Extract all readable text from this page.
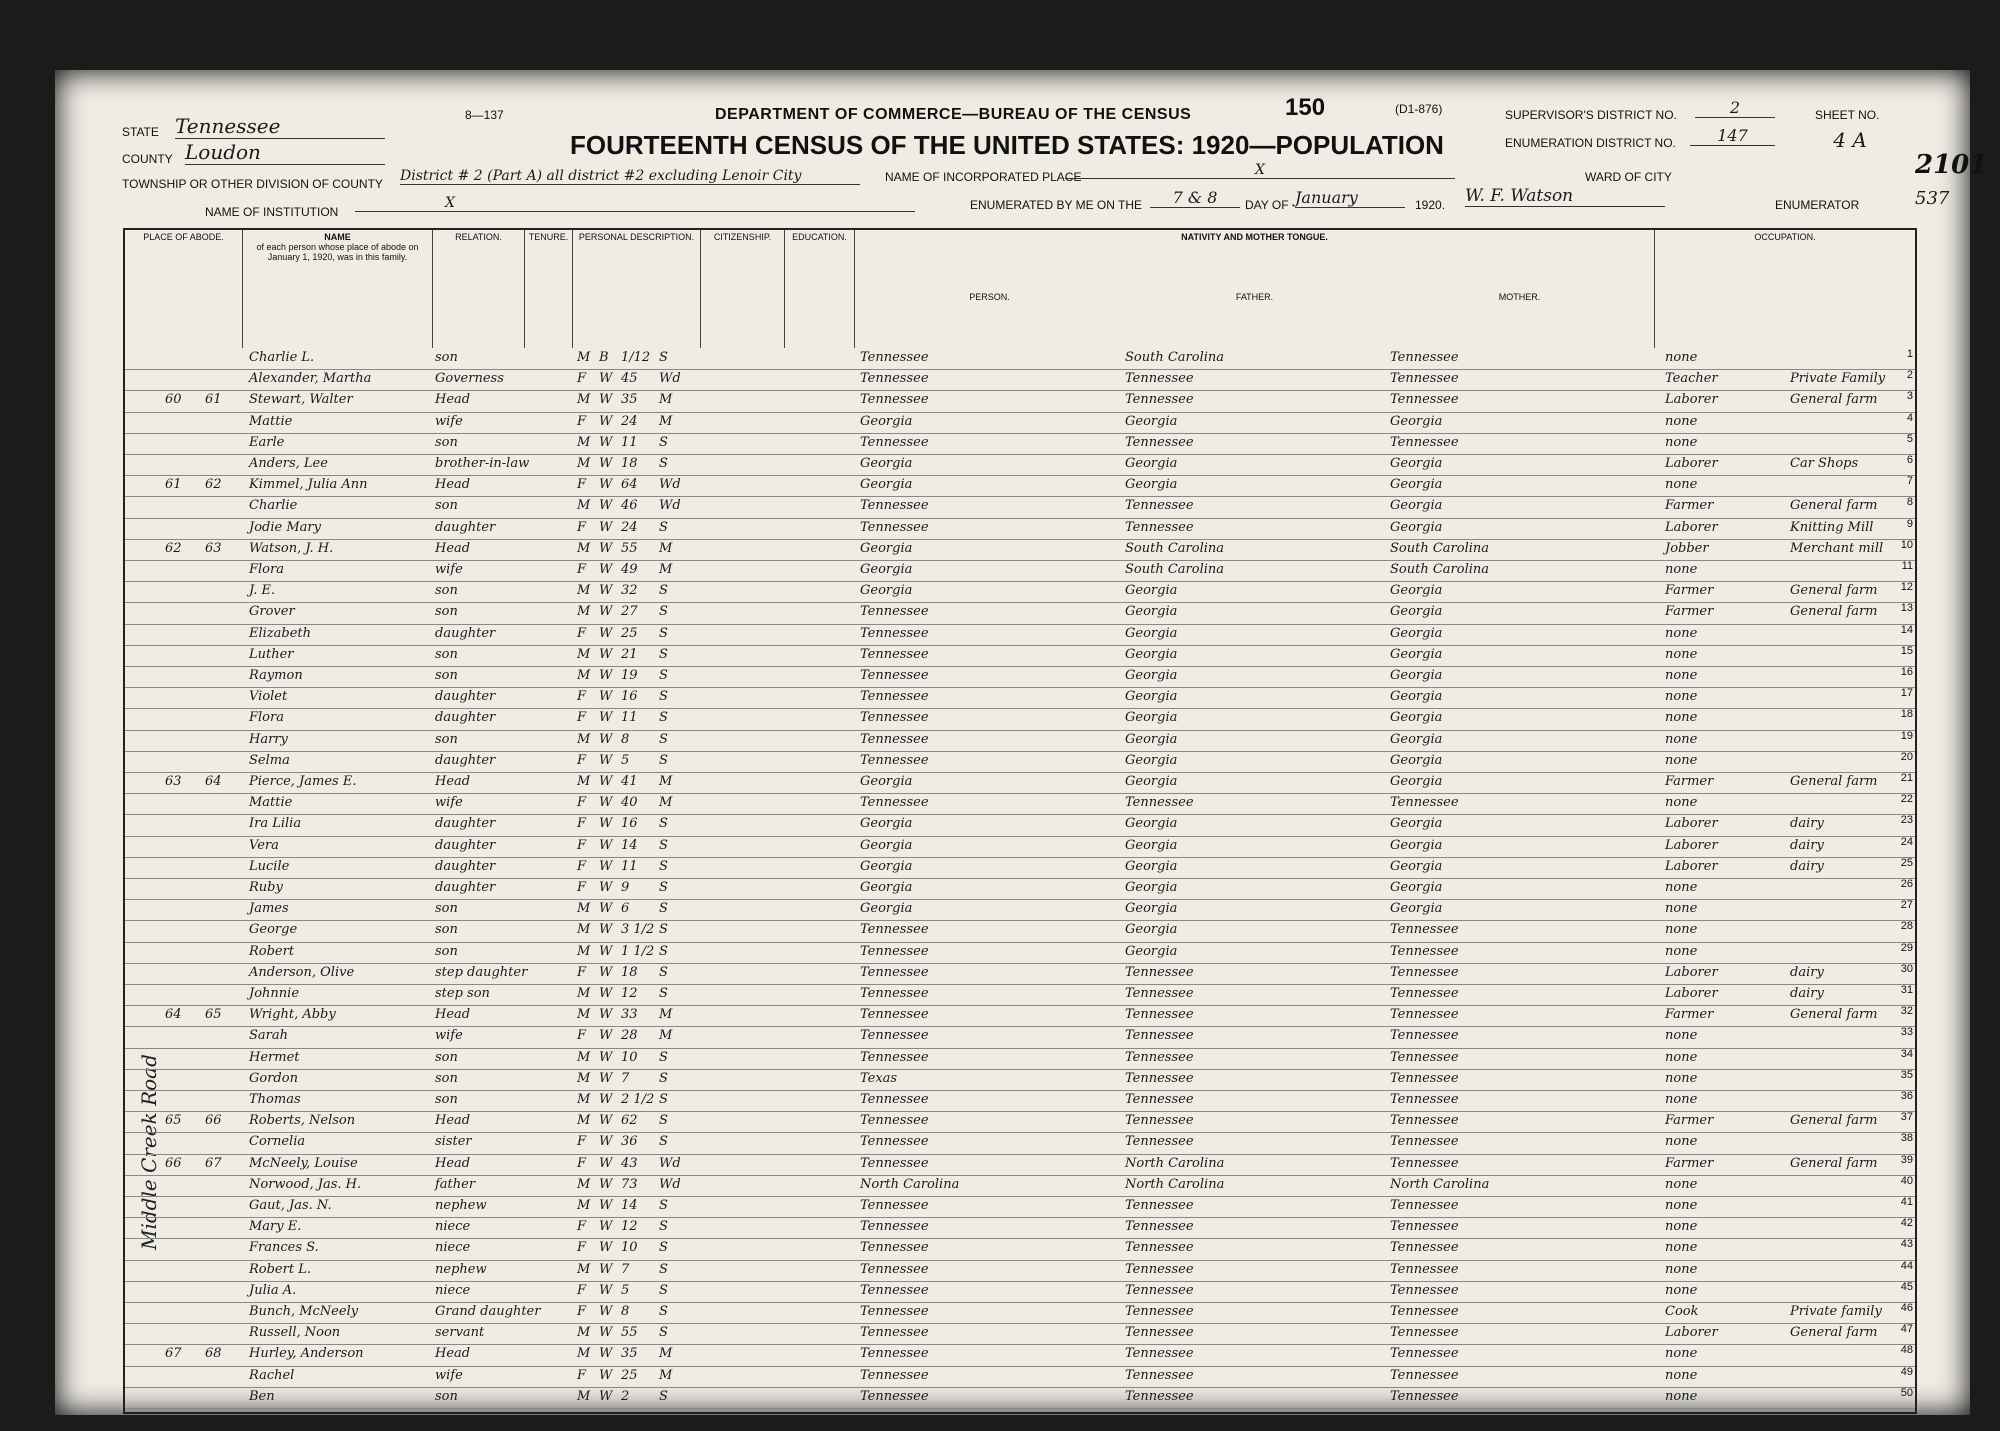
8—137	DEPARTMENT OF COMMERCE—BUREAU OF THE CENSUS	150	(D1-876)
FOURTEENTH CENSUS OF THE UNITED STATES: 1920—POPULATION
STATE Tennessee
COUNTY Loudon
TOWNSHIP OR OTHER DIVISION OF COUNTY District # 2 (Part A) all district #2 excluding Lenoir City	NAME OF INCORPORATED PLACE	X
NAME OF INSTITUTION
X	ENUMERATED BY ME ON THE	7 & 8	DAY OF January	1920. W. F. Watson	ENUMERATOR
SUPERVISOR'S DISTRICT NO.	2
ENUMERATION DISTRICT NO.	147
SHEET NO.
4 A
WARD OF CITY	2101
537
Middle Creek Road
PLACE OF ABODE.	NAME
of each person whose place of abode on January 1, 1920, was in this family.
RELATION.	TENURE.	PERSONAL DESCRIPTION.	CITIZENSHIP.	EDUCATION.	NATIVITY AND MOTHER TONGUE.
PERSON.	FATHER.	MOTHER.
OCCUPATION.
Charlie L.	son	M B 1/12 S	Tennessee	South Carolina	Tennessee	none	1
Alexander, Martha	Governess	F W 45	Wd	Tennessee	Tennessee	Tennessee	Teacher	Private Family	2
60	61	Stewart, Walter	Head	M W 35	M	Tennessee	Tennessee	Tennessee	Laborer	General farm	3
Mattie	wife	F W 24	M	Georgia	Georgia	Georgia	none	4
Earle	son	M W 11	S	Tennessee	Tennessee	Tennessee	none	5
Anders, Lee	brother-in-law	M W 18	S	Georgia	Georgia	Georgia	Laborer	Car Shops	6
61	62	Kimmel, Julia Ann	Head	F W 64	Wd	Georgia	Georgia	Georgia	none	7
Charlie	son	M W 46	Wd	Tennessee	Tennessee	Georgia	Farmer	General farm	8
Jodie Mary	daughter	F W 24	S	Tennessee	Tennessee	Georgia	Laborer	Knitting Mill	9
62	63	Watson, J. H.	Head	M W 55	M	Georgia	South Carolina	South Carolina	Jobber	Merchant mill	10
Flora	wife	F W 49	M	Georgia	South Carolina	South Carolina	none	11
J. E.	son	M W 32	S	Georgia	Georgia	Georgia	Farmer	General farm	12
Grover	son	M W 27	S	Tennessee	Georgia	Georgia	Farmer	General farm	13
Elizabeth	daughter	F W 25	S	Tennessee	Georgia	Georgia	none	14
Luther	son	M W 21	S	Tennessee	Georgia	Georgia	none	15
Raymon	son	M W 19	S	Tennessee	Georgia	Georgia	none	16
Violet	daughter	F W 16	S	Tennessee	Georgia	Georgia	none	17
Flora	daughter	F W 11	S	Tennessee	Georgia	Georgia	none	18
Harry	son	M W 8	S	Tennessee	Georgia	Georgia	none	19
Selma	daughter	F W 5	S	Tennessee	Georgia	Georgia	none	20
63	64	Pierce, James E.	Head	M W 41	M	Georgia	Georgia	Georgia	Farmer	General farm	21
Mattie	wife	F W 40	M	Tennessee	Tennessee	Tennessee	none	22
Ira Lilia	daughter	F W 16	S	Georgia	Georgia	Georgia	Laborer	dairy	23
Vera	daughter	F W 14	S	Georgia	Georgia	Georgia	Laborer	dairy	24
Lucile	daughter	F W 11	S	Georgia	Georgia	Georgia	Laborer	dairy	25
Ruby	daughter	F W 9	S	Georgia	Georgia	Georgia	none	26
James	son	M W 6	S	Georgia	Georgia	Georgia	none	27
George	son	M W 3 1/2 S	Tennessee	Georgia	Tennessee	none	28
Robert	son	M W 1 1/2 S	Tennessee	Georgia	Tennessee	none	29
Anderson, Olive	step daughter	F W 18	S	Tennessee	Tennessee	Tennessee	Laborer	dairy	30
Johnnie	step son	M W 12	S	Tennessee	Tennessee	Tennessee	Laborer	dairy	31
64	65	Wright, Abby	Head	M W 33	M	Tennessee	Tennessee	Tennessee	Farmer	General farm	32
Sarah	wife	F W 28	M	Tennessee	Tennessee	Tennessee	none	33
Hermet	son	M W 10	S	Tennessee	Tennessee	Tennessee	none	34
Gordon	son	M W 7	S	Texas	Tennessee	Tennessee	none	35
Thomas	son	M W 2 1/2 S	Tennessee	Tennessee	Tennessee	none	36
65	66	Roberts, Nelson	Head	M W 62	S	Tennessee	Tennessee	Tennessee	Farmer	General farm	37
Cornelia	sister	F W 36	S	Tennessee	Tennessee	Tennessee	none	38
66	67	McNeely, Louise	Head	F W 43	Wd	Tennessee	North Carolina	Tennessee	Farmer	General farm	39
Norwood, Jas. H.	father	M W 73	Wd	North Carolina	North Carolina	North Carolina	none	40
Gaut, Jas. N.	nephew	M W 14	S	Tennessee	Tennessee	Tennessee	none	41
Mary E.	niece	F W 12	S	Tennessee	Tennessee	Tennessee	none	42
Frances S.	niece	F W 10	S	Tennessee	Tennessee	Tennessee	none	43
Robert L.	nephew	M W 7	S	Tennessee	Tennessee	Tennessee	none	44
Julia A.	niece	F W 5	S	Tennessee	Tennessee	Tennessee	none	45
Bunch, McNeely	Grand daughter	F W 8	S	Tennessee	Tennessee	Tennessee	Cook	Private family	46
Russell, Noon	servant	M W 55	S	Tennessee	Tennessee	Tennessee	Laborer	General farm	47
67	68	Hurley, Anderson	Head	M W 35	M	Tennessee	Tennessee	Tennessee	none	48
Rachel	wife	F W 25	M	Tennessee	Tennessee	Tennessee	none	49
Ben	son	M W 2	S	Tennessee	Tennessee	Tennessee	none	50
